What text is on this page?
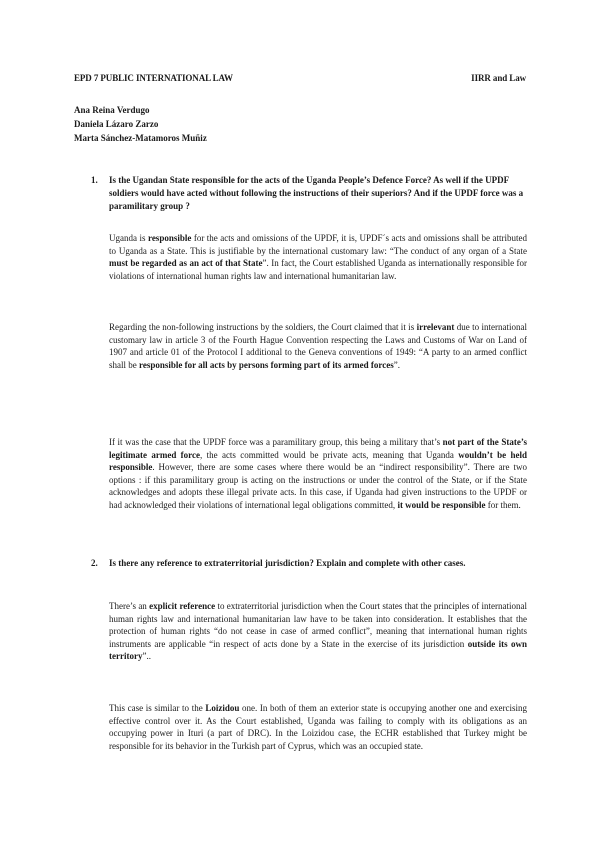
EPD 7 PUBLIC INTERNATIONAL LAW	IIRR and Law
Ana Reina Verdugo
Daniela Lázaro Zarzo
Marta Sánchez-Matamoros Muñiz
1. Is the Ugandan State responsible for the acts of the Uganda People’s Defence Force? As well if the UPDF soldiers would have acted without following the instructions of their superiors? And if the UPDF force was a paramilitary group ?

Uganda is responsible for the acts and omissions of the UPDF, it is, UPDF´s acts and omissions shall be attributed to Uganda as a State. This is justifiable by the international customary law: “The conduct of any organ of a State must be regarded as an act of that State”. In fact, the Court established Uganda as internationally responsible for violations of international human rights law and international humanitarian law.

Regarding the non-following instructions by the soldiers, the Court claimed that it is irrelevant due to international customary law in article 3 of the Fourth Hague Convention respecting the Laws and Customs of War on Land of 1907 and article 01 of the Protocol I additional to the Geneva conventions of 1949: “A party to an armed conflict shall be responsible for all acts by persons forming part of its armed forces”.

If it was the case that the UPDF force was a paramilitary group, this being a military that’s not part of the State’s legitimate armed force, the acts committed would be private acts, meaning that Uganda wouldn’t be held responsible. However, there are some cases where there would be an “indirect responsibility”. There are two options : if this paramilitary group is acting on the instructions or under the control of the State, or if the State acknowledges and adopts these illegal private acts. In this case, if Uganda had given instructions to the UPDF or had acknowledged their violations of international legal obligations committed, it would be responsible for them.

2. Is there any reference to extraterritorial jurisdiction? Explain and complete with other cases.

There’s an explicit reference to extraterritorial jurisdiction when the Court states that the principles of international human rights law and international humanitarian law have to be taken into consideration. It establishes that the protection of human rights “do not cease in case of armed conflict”, meaning that international human rights instruments are applicable “in respect of acts done by a State in the exercise of its jurisdiction outside its own territory”..

This case is similar to the Loizidou one. In both of them an exterior state is occupying another one and exercising effective control over it. As the Court established, Uganda was failing to comply with its obligations as an occupying power in Ituri (a part of DRC). In the Loizidou case, the ECHR established that Turkey might be responsible for its behavior in the Turkish part of Cyprus, which was an occupied state.
